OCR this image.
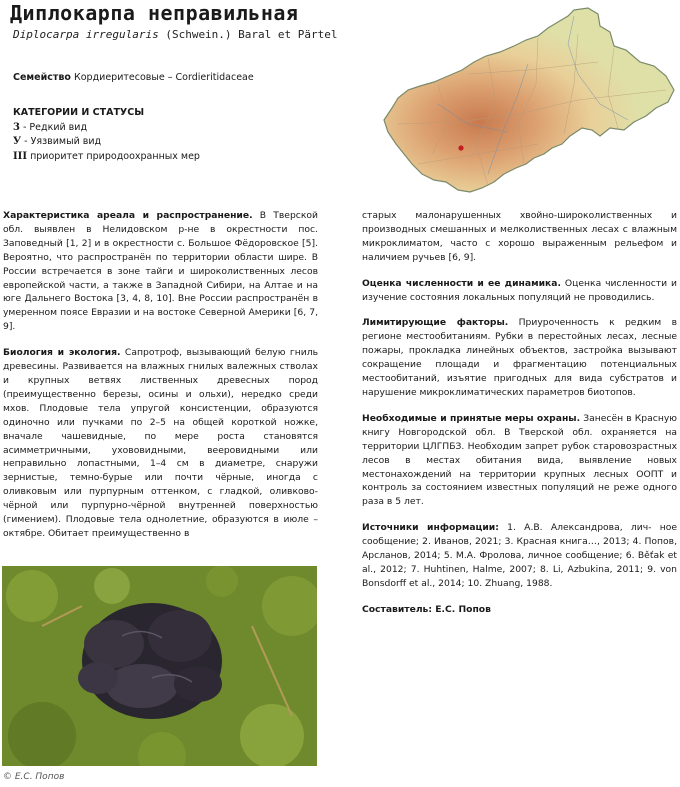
Диплокарпа неправильная
Diplocarpa irregularis (Schwein.) Baral et Pärtel
Семейство Кордиеритесовые – Cordieritidaceae
КАТЕГОРИИ И СТАТУСЫ
3 - Редкий вид
У - Уязвимый вид
III приоритет природоохранных мер

Характеристика ареала и распространение. В Тверской обл. выявлен в Нелидовском р-не в окрестности пос. Заповедный [1, 2] и в окрестности с. Большое Фёдоровское [5]. Вероятно, что распространён по территории области шире. В России встречается в зоне тайги и широколиственных лесов европейской части, а также в Западной Сибири, на Алтае и на юге Дальнего Востока [3, 4, 8, 10]. Вне России распространён в умеренном поясе Евразии и на востоке Северной Америки [6, 7, 9].

Биология и экология. Сапротроф, вызывающий белую гниль древесины. Развивается на влажных гнилых валежных стволах и крупных ветвях лиственных древесных пород (преимущественно березы, осины и ольхи), нередко среди мхов. Плодовые тела упругой консистенции, образуются одиночно или пучками по 2–5 на общей короткой ножке, вначале чашевидные, по мере роста становятся асимметричными, ухововидными, вееровидными или неправильно лопастными, 1–4 см в диаметре, снаружи зернистые, темно-бурые или почти чёрные, иногда с оливковым или пурпурным оттенком, с гладкой, оливково-чёрной или пурпурно-чёрной внутренней поверхностью (гимением). Плодовые тела однолетние, образуются в июле – октябре. Обитает преимущественно в

старых малонарушенных хвойно-широколиственных и производных смешанных и мелколиственных лесах с влажным микроклиматом, часто с хорошо выраженным рельефом и наличием ручьев [6, 9].

Оценка численности и ее динамика. Оценка численности и изучение состояния локальных популяций не проводились.

Лимитирующие факторы. Приуроченность к редким в регионе местообитаниям. Рубки в перестойных лесах, лесные пожары, прокладка линейных объектов, застройка вызывают сокращение площади и фрагментацию потенциальных местообитаний, изъятие пригодных для вида субстратов и нарушение микроклиматических параметров биотопов.

Необходимые и принятые меры охраны. Занесён в Красную книгу Новгородской обл. В Тверской обл. охраняется на территории ЦЛГПБЗ. Необходим запрет рубок старовозрастных лесов в местах обитания вида, выявление новых местонахождений на территории крупных лесных ООПТ и контроль за состоянием известных популяций не реже одного раза в 5 лет.

Источники информации: 1. А.В. Александрова, лич- ное сообщение; 2. Иванов, 2021; 3. Красная книга…, 2013; 4. Попов, Арсланов, 2014; 5. М.А. Фролова, личное сообщение; 6. Běťak et al., 2012; 7. Huhtinen, Halme, 2007; 8. Li, Azbukina, 2011; 9. von Bonsdorff et al., 2014; 10. Zhuang, 1988.

Составитель: Е.С. Попов

© Е.С. Попов
